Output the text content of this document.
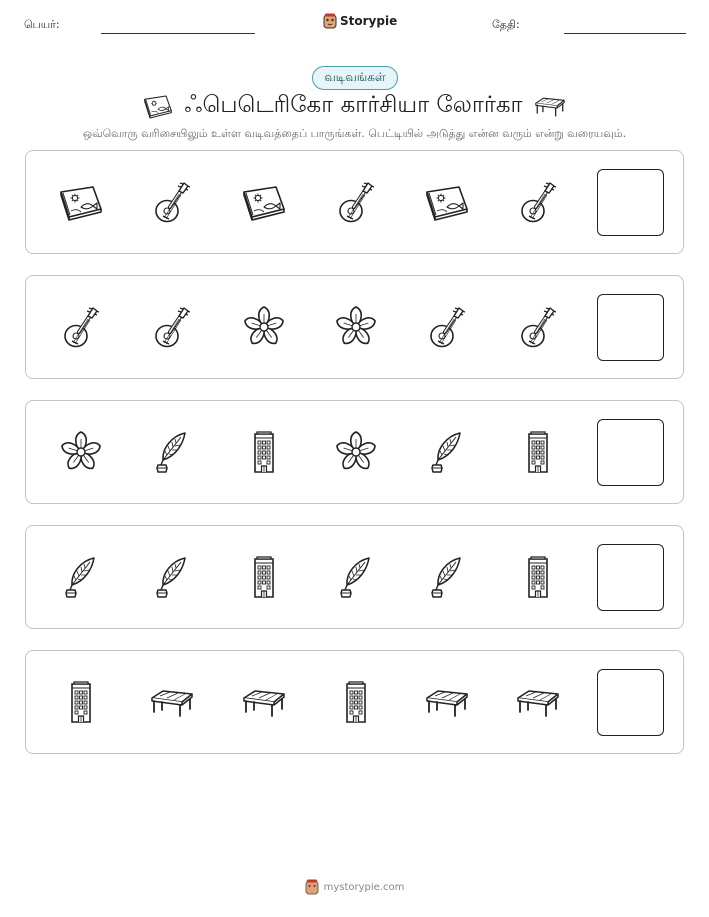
பெயர்:	Storypie	தேதி:
வடிவங்கள்
ஃபெடெரிகோ கார்சியா லோர்கா
ஒவ்வொரு வரிசையிலும் உள்ள வடிவத்தைப் பாருங்கள். பெட்டியில் அடுத்து என்ன வரும் என்று வரையவும்.
mystorypie.com
